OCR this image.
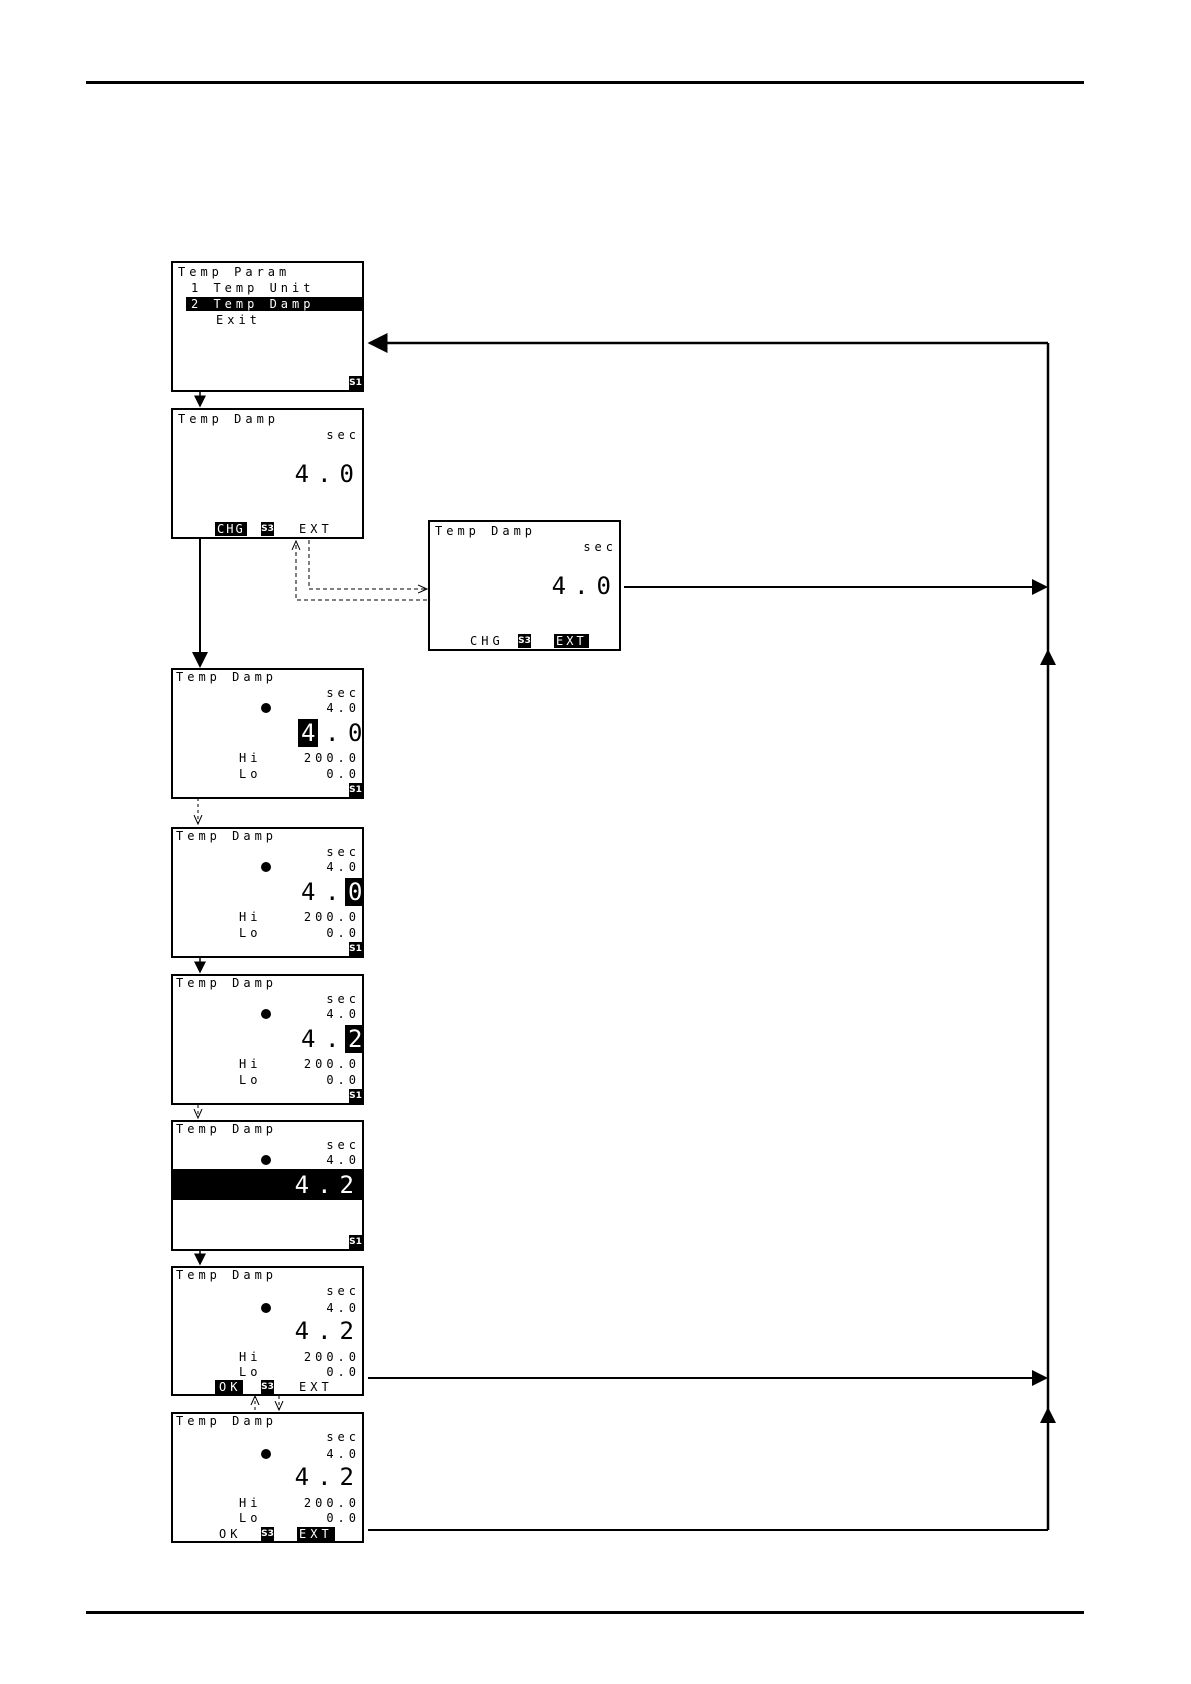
Temp Param
1 Temp Unit
2 Temp Damp
Exit
S1
Temp Damp
sec
4.0
CHG S3 EXT	Temp Damp
sec
4.0
CHG S3 EXT
Temp Damp
sec
4.0
4 . 0
Hi	200.0
Lo	0.0
S1
Temp Damp
sec
4.0
4 . 0
Hi	200.0
Lo	0.0
S1
Temp Damp
sec
4.0
4 . 2
Hi	200.0
Lo	0.0
S1
Temp Damp
sec
4.0
4.2
S1
Temp Damp
sec
4.0
4.2
Hi	200.0
Lo	0.0
OK S3 EXT
Temp Damp
sec
4.0
4.2
Hi	200.0
Lo	0.0
OK S3 EXT
